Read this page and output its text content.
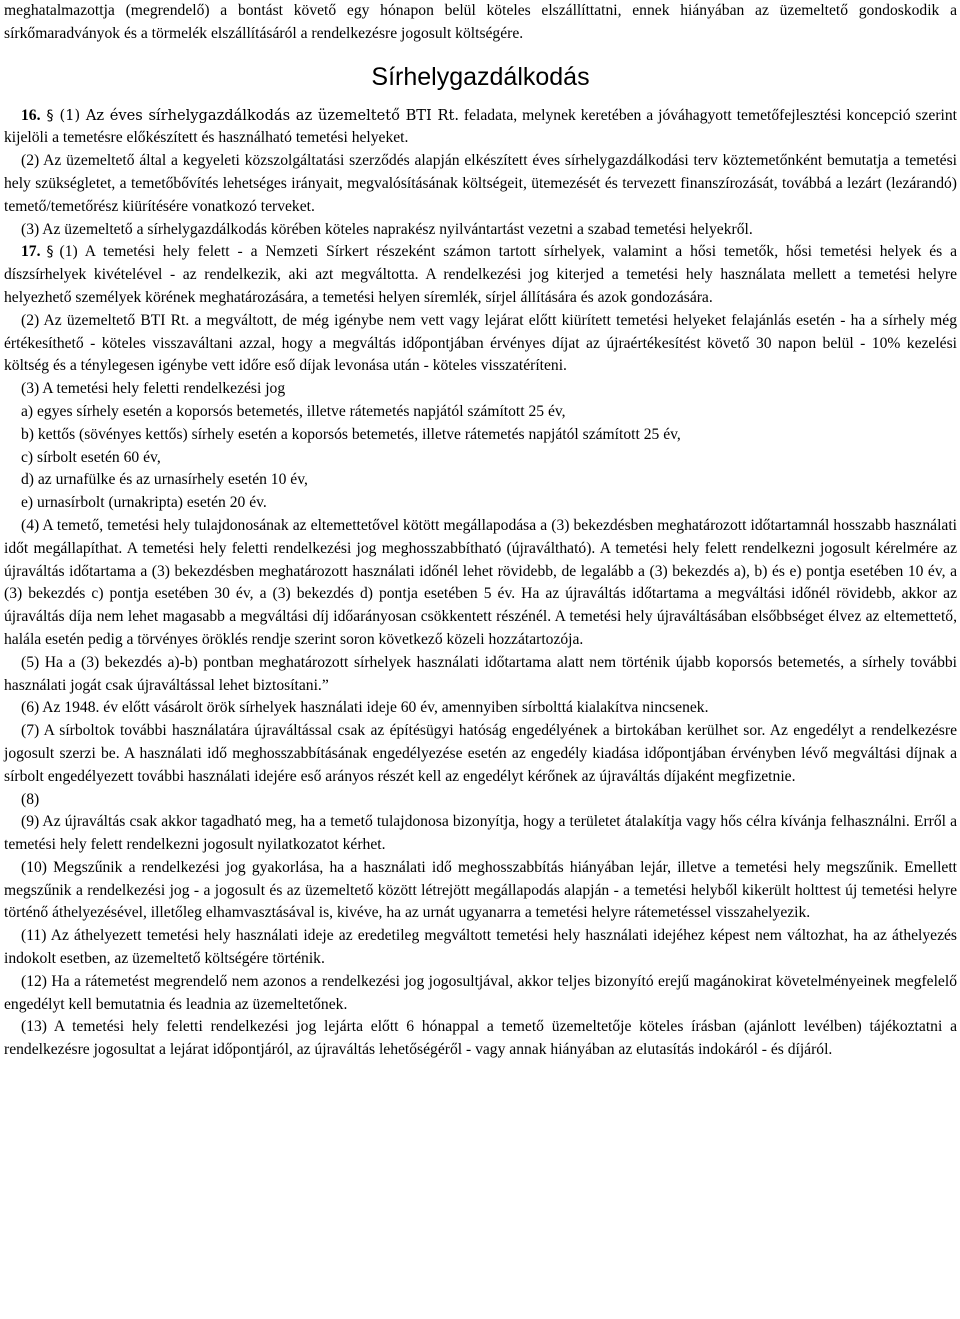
meghatalmazottja (megrendelő) a bontást követő egy hónapon belül köteles elszállíttatni, ennek hiányában az üzemeltető gondoskodik a sírkőmaradványok és a törmelék elszállításáról a rendelkezésre jogosult költségére.

Sírhelygazdálkodás

16. § (1) Az éves sírhelygazdálkodás az üzemeltető BTI Rt. feladata, melynek keretében a jóváhagyott temetőfejlesztési koncepció szerint kijelöli a temetésre előkészített és használható temetési helyeket.

(2) Az üzemeltető által a kegyeleti közszolgáltatási szerződés alapján elkészített éves sírhelygazdálkodási terv köztemetőnként bemutatja a temetési hely szükségletet, a temetőbővítés lehetséges irányait, megvalósításának költségeit, ütemezését és tervezett finanszírozását, továbbá a lezárt (lezárandó) temető/temetőrész kiürítésére vonatkozó terveket.

(3) Az üzemeltető a sírhelygazdálkodás körében köteles naprakész nyilvántartást vezetni a szabad temetési helyekről.

17. § (1) A temetési hely felett - a Nemzeti Sírkert részeként számon tartott sírhelyek, valamint a hősi temetők, hősi temetési helyek és a díszsírhelyek kivételével - az rendelkezik, aki azt megváltotta. A rendelkezési jog kiterjed a temetési hely használata mellett a temetési helyre helyezhető személyek körének meghatározására, a temetési helyen síremlék, sírjel állítására és azok gondozására.

(2) Az üzemeltető BTI Rt. a megváltott, de még igénybe nem vett vagy lejárat előtt kiürített temetési helyeket felajánlás esetén - ha a sírhely még értékesíthető - köteles visszaváltani azzal, hogy a megváltás időpontjában érvényes díjat az újraértékesítést követő 30 napon belül - 10% kezelési költség és a ténylegesen igénybe vett időre eső díjak levonása után - köteles visszatéríteni.

(3) A temetési hely feletti rendelkezési jog

a) egyes sírhely esetén a koporsós betemetés, illetve rátemetés napjától számított 25 év,

b) kettős (sövényes kettős) sírhely esetén a koporsós betemetés, illetve rátemetés napjától számított 25 év,

c) sírbolt esetén 60 év,

d) az urnafülke és az urnasírhely esetén 10 év,

e) urnasírbolt (urnakripta) esetén 20 év.

(4) A temető, temetési hely tulajdonosának az eltemettetővel kötött megállapodása a (3) bekezdésben meghatározott időtartamnál hosszabb használati időt megállapíthat. A temetési hely feletti rendelkezési jog meghosszabbítható (újraváltható). A temetési hely felett rendelkezni jogosult kérelmére az újraváltás időtartama a (3) bekezdésben meghatározott használati időnél lehet rövidebb, de legalább a (3) bekezdés a), b) és e) pontja esetében 10 év, a (3) bekezdés c) pontja esetében 30 év, a (3) bekezdés d) pontja esetében 5 év. Ha az újraváltás időtartama a megváltási időnél rövidebb, akkor az újraváltás díja nem lehet magasabb a megváltási díj időarányosan csökkentett részénél. A temetési hely újraváltásában elsőbbséget élvez az eltemettető, halála esetén pedig a törvényes öröklés rendje szerint soron következő közeli hozzátartozója.

(5) Ha a (3) bekezdés a)-b) pontban meghatározott sírhelyek használati időtartama alatt nem történik újabb koporsós betemetés, a sírhely további használati jogát csak újraváltással lehet biztosítani.”

(6) Az 1948. év előtt vásárolt örök sírhelyek használati ideje 60 év, amennyiben sírbolttá kialakítva nincsenek.

(7) A sírboltok további használatára újraváltással csak az építésügyi hatóság engedélyének a birtokában kerülhet sor. Az engedélyt a rendelkezésre jogosult szerzi be. A használati idő meghosszabbításának engedélyezése esetén az engedély kiadása időpontjában érvényben lévő megváltási díjnak a sírbolt engedélyezett további használati idejére eső arányos részét kell az engedélyt kérőnek az újraváltás díjaként megfizetnie.

(8)

(9) Az újraváltás csak akkor tagadható meg, ha a temető tulajdonosa bizonyítja, hogy a területet átalakítja vagy hős célra kívánja felhasználni. Erről a temetési hely felett rendelkezni jogosult nyilatkozatot kérhet.

(10) Megszűnik a rendelkezési jog gyakorlása, ha a használati idő meghosszabbítás hiányában lejár, illetve a temetési hely megszűnik. Emellett megszűnik a rendelkezési jog - a jogosult és az üzemeltető között létrejött megállapodás alapján - a temetési helyből kikerült holttest új temetési helyre történő áthelyezésével, illetőleg elhamvasztásával is, kivéve, ha az urnát ugyanarra a temetési helyre rátemetéssel visszahelyezik.

(11) Az áthelyezett temetési hely használati ideje az eredetileg megváltott temetési hely használati idejéhez képest nem változhat, ha az áthelyezés indokolt esetben, az üzemeltető költségére történik.

(12) Ha a rátemetést megrendelő nem azonos a rendelkezési jog jogosultjával, akkor teljes bizonyító erejű magánokirat követelményeinek megfelelő engedélyt kell bemutatnia és leadnia az üzemeltetőnek.

(13) A temetési hely feletti rendelkezési jog lejárta előtt 6 hónappal a temető üzemeltetője köteles írásban (ajánlott levélben) tájékoztatni a rendelkezésre jogosultat a lejárat időpontjáról, az újraváltás lehetőségéről - vagy annak hiányában az elutasítás indokáról - és díjáról.
